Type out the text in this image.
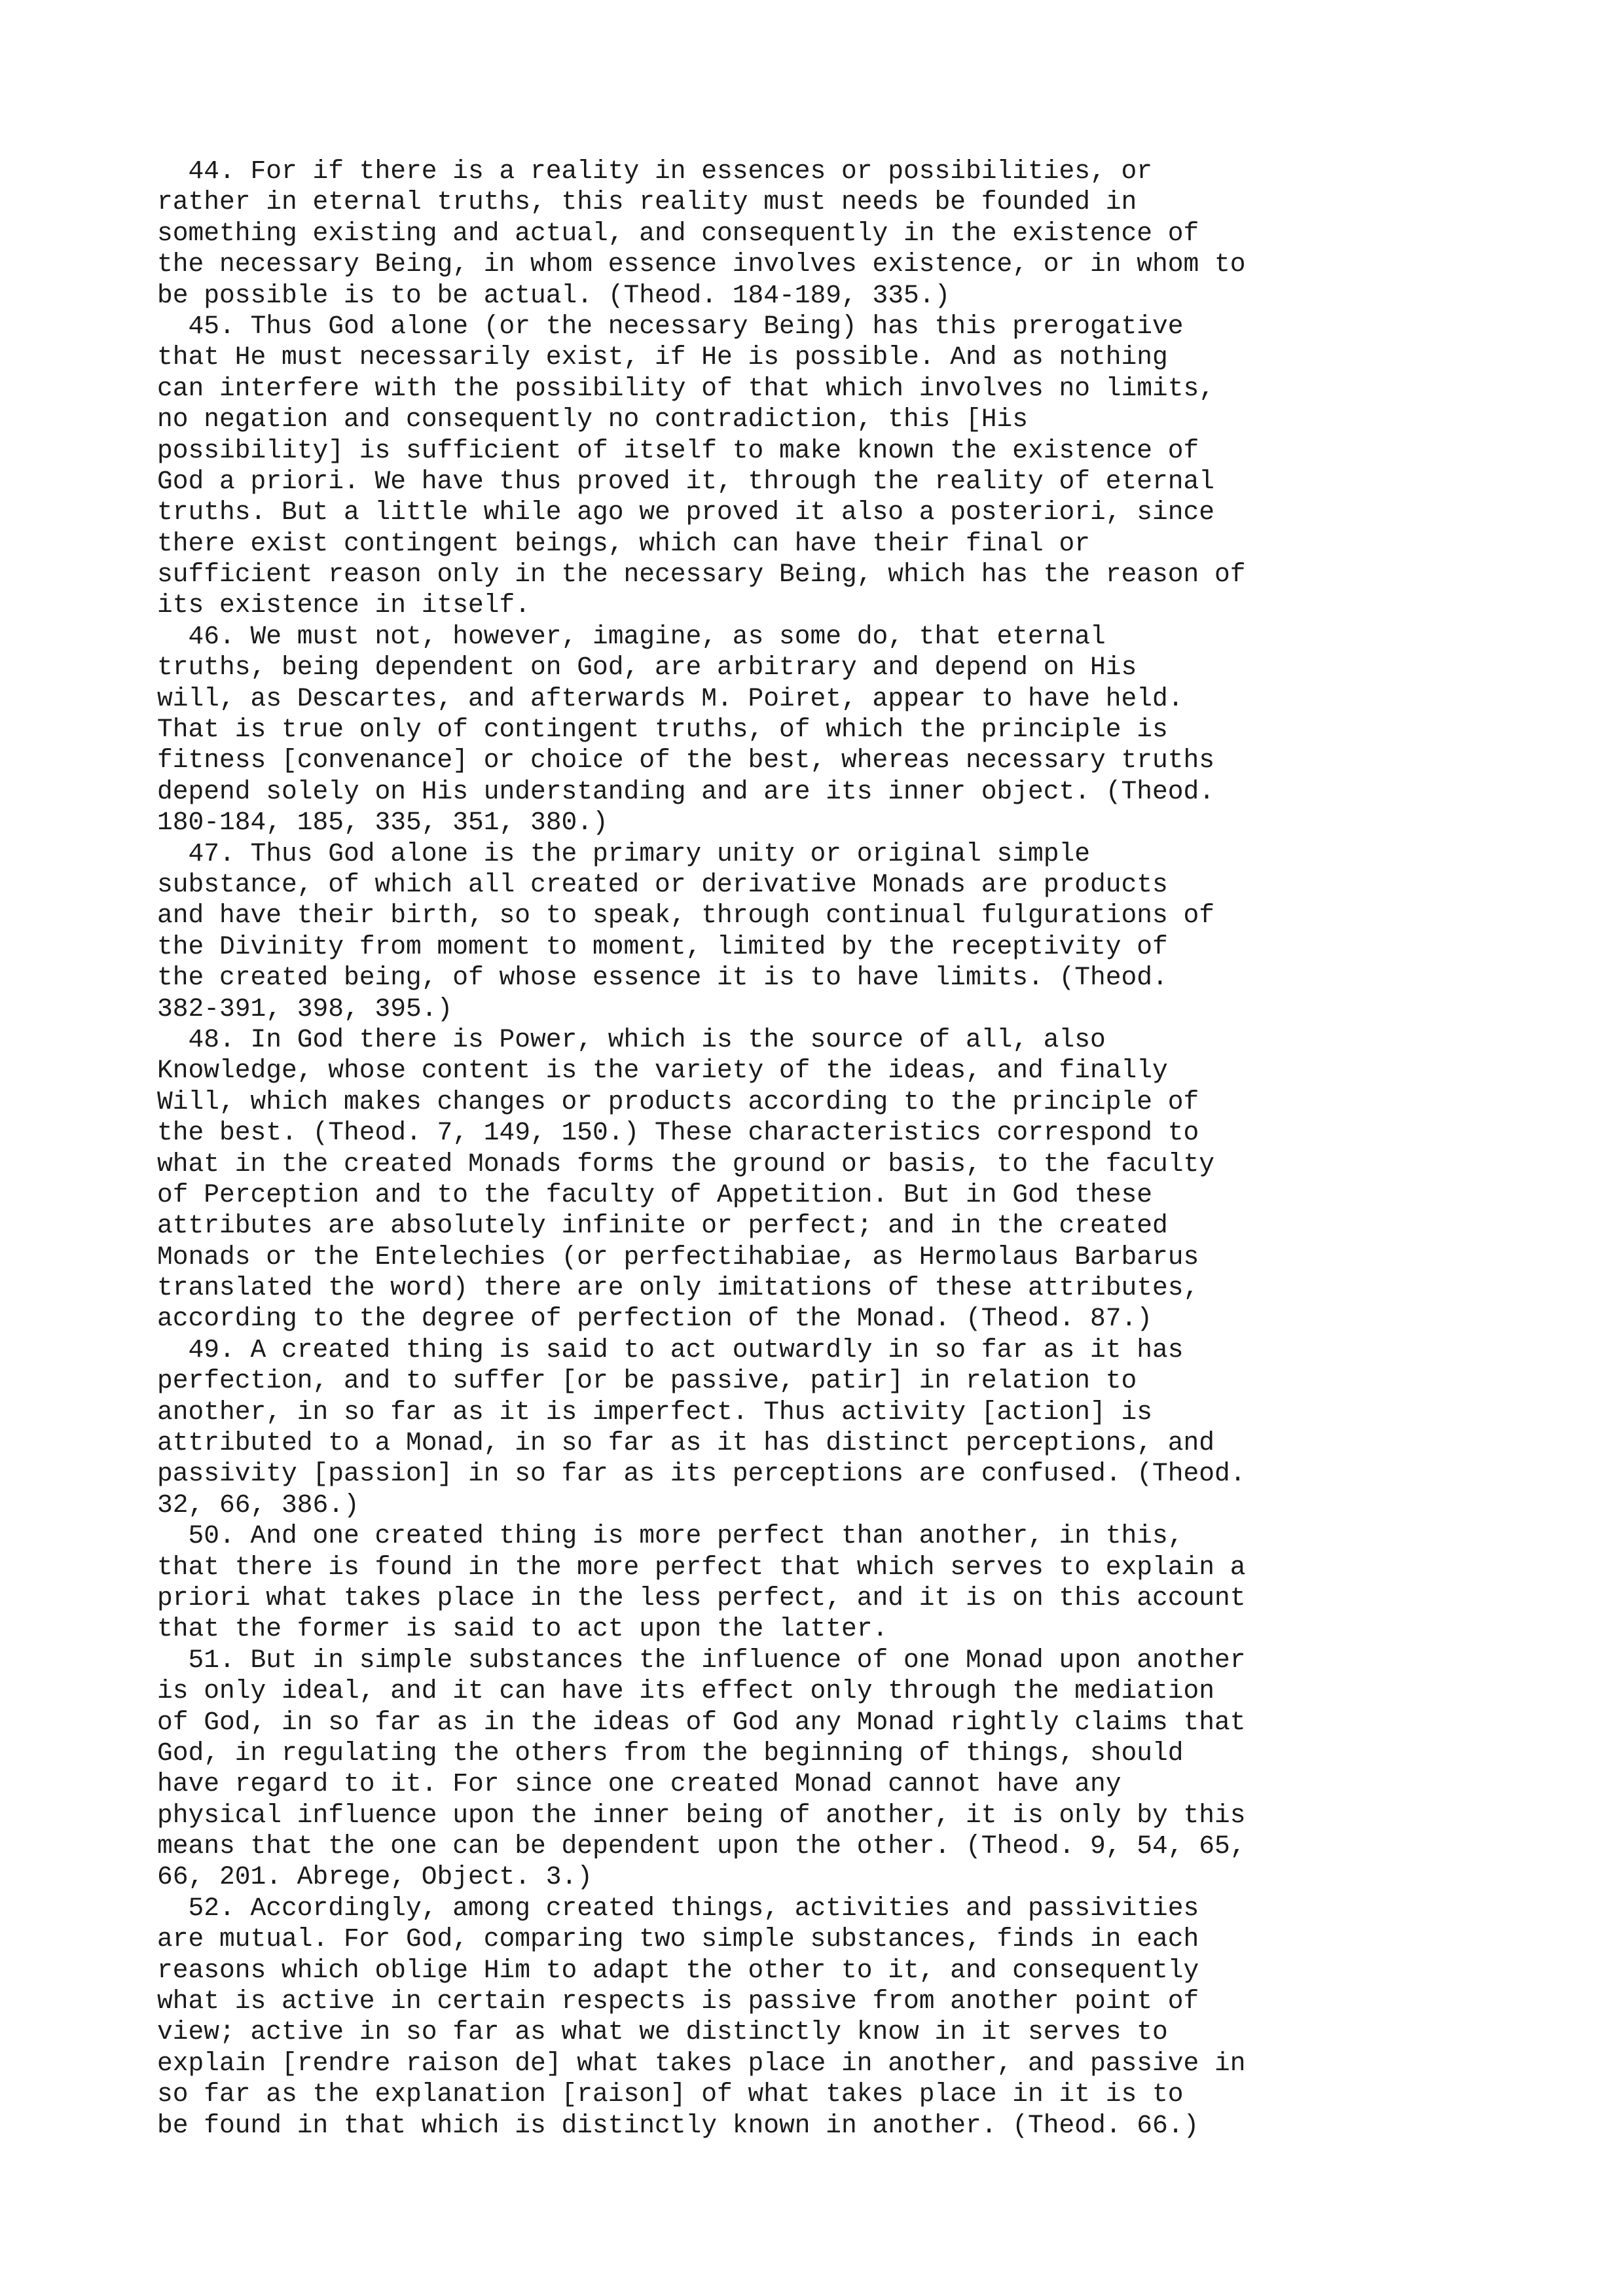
44. For if there is a reality in essences or possibilities, or
rather in eternal truths, this reality must needs be founded in
something existing and actual, and consequently in the existence of
the necessary Being, in whom essence involves existence, or in whom to
be possible is to be actual. (Theod. 184-189, 335.)
45. Thus God alone (or the necessary Being) has this prerogative
that He must necessarily exist, if He is possible. And as nothing
can interfere with the possibility of that which involves no limits,
no negation and consequently no contradiction, this [His
possibility] is sufficient of itself to make known the existence of
God a priori. We have thus proved it, through the reality of eternal
truths. But a little while ago we proved it also a posteriori, since
there exist contingent beings, which can have their final or
sufficient reason only in the necessary Being, which has the reason of
its existence in itself.
46. We must not, however, imagine, as some do, that eternal
truths, being dependent on God, are arbitrary and depend on His
will, as Descartes, and afterwards M. Poiret, appear to have held.
That is true only of contingent truths, of which the principle is
fitness [convenance] or choice of the best, whereas necessary truths
depend solely on His understanding and are its inner object. (Theod.
180-184, 185, 335, 351, 380.)
47. Thus God alone is the primary unity or original simple
substance, of which all created or derivative Monads are products
and have their birth, so to speak, through continual fulgurations of
the Divinity from moment to moment, limited by the receptivity of
the created being, of whose essence it is to have limits. (Theod.
382-391, 398, 395.)
48. In God there is Power, which is the source of all, also
Knowledge, whose content is the variety of the ideas, and finally
Will, which makes changes or products according to the principle of
the best. (Theod. 7, 149, 150.) These characteristics correspond to
what in the created Monads forms the ground or basis, to the faculty
of Perception and to the faculty of Appetition. But in God these
attributes are absolutely infinite or perfect; and in the created
Monads or the Entelechies (or perfectihabiae, as Hermolaus Barbarus
translated the word) there are only imitations of these attributes,
according to the degree of perfection of the Monad. (Theod. 87.)
49. A created thing is said to act outwardly in so far as it has
perfection, and to suffer [or be passive, patir] in relation to
another, in so far as it is imperfect. Thus activity [action] is
attributed to a Monad, in so far as it has distinct perceptions, and
passivity [passion] in so far as its perceptions are confused. (Theod.
32, 66, 386.)
50. And one created thing is more perfect than another, in this,
that there is found in the more perfect that which serves to explain a
priori what takes place in the less perfect, and it is on this account
that the former is said to act upon the latter.
51. But in simple substances the influence of one Monad upon another
is only ideal, and it can have its effect only through the mediation
of God, in so far as in the ideas of God any Monad rightly claims that
God, in regulating the others from the beginning of things, should
have regard to it. For since one created Monad cannot have any
physical influence upon the inner being of another, it is only by this
means that the one can be dependent upon the other. (Theod. 9, 54, 65,
66, 201. Abrege, Object. 3.)
52. Accordingly, among created things, activities and passivities
are mutual. For God, comparing two simple substances, finds in each
reasons which oblige Him to adapt the other to it, and consequently
what is active in certain respects is passive from another point of
view; active in so far as what we distinctly know in it serves to
explain [rendre raison de] what takes place in another, and passive in
so far as the explanation [raison] of what takes place in it is to
be found in that which is distinctly known in another. (Theod. 66.)
